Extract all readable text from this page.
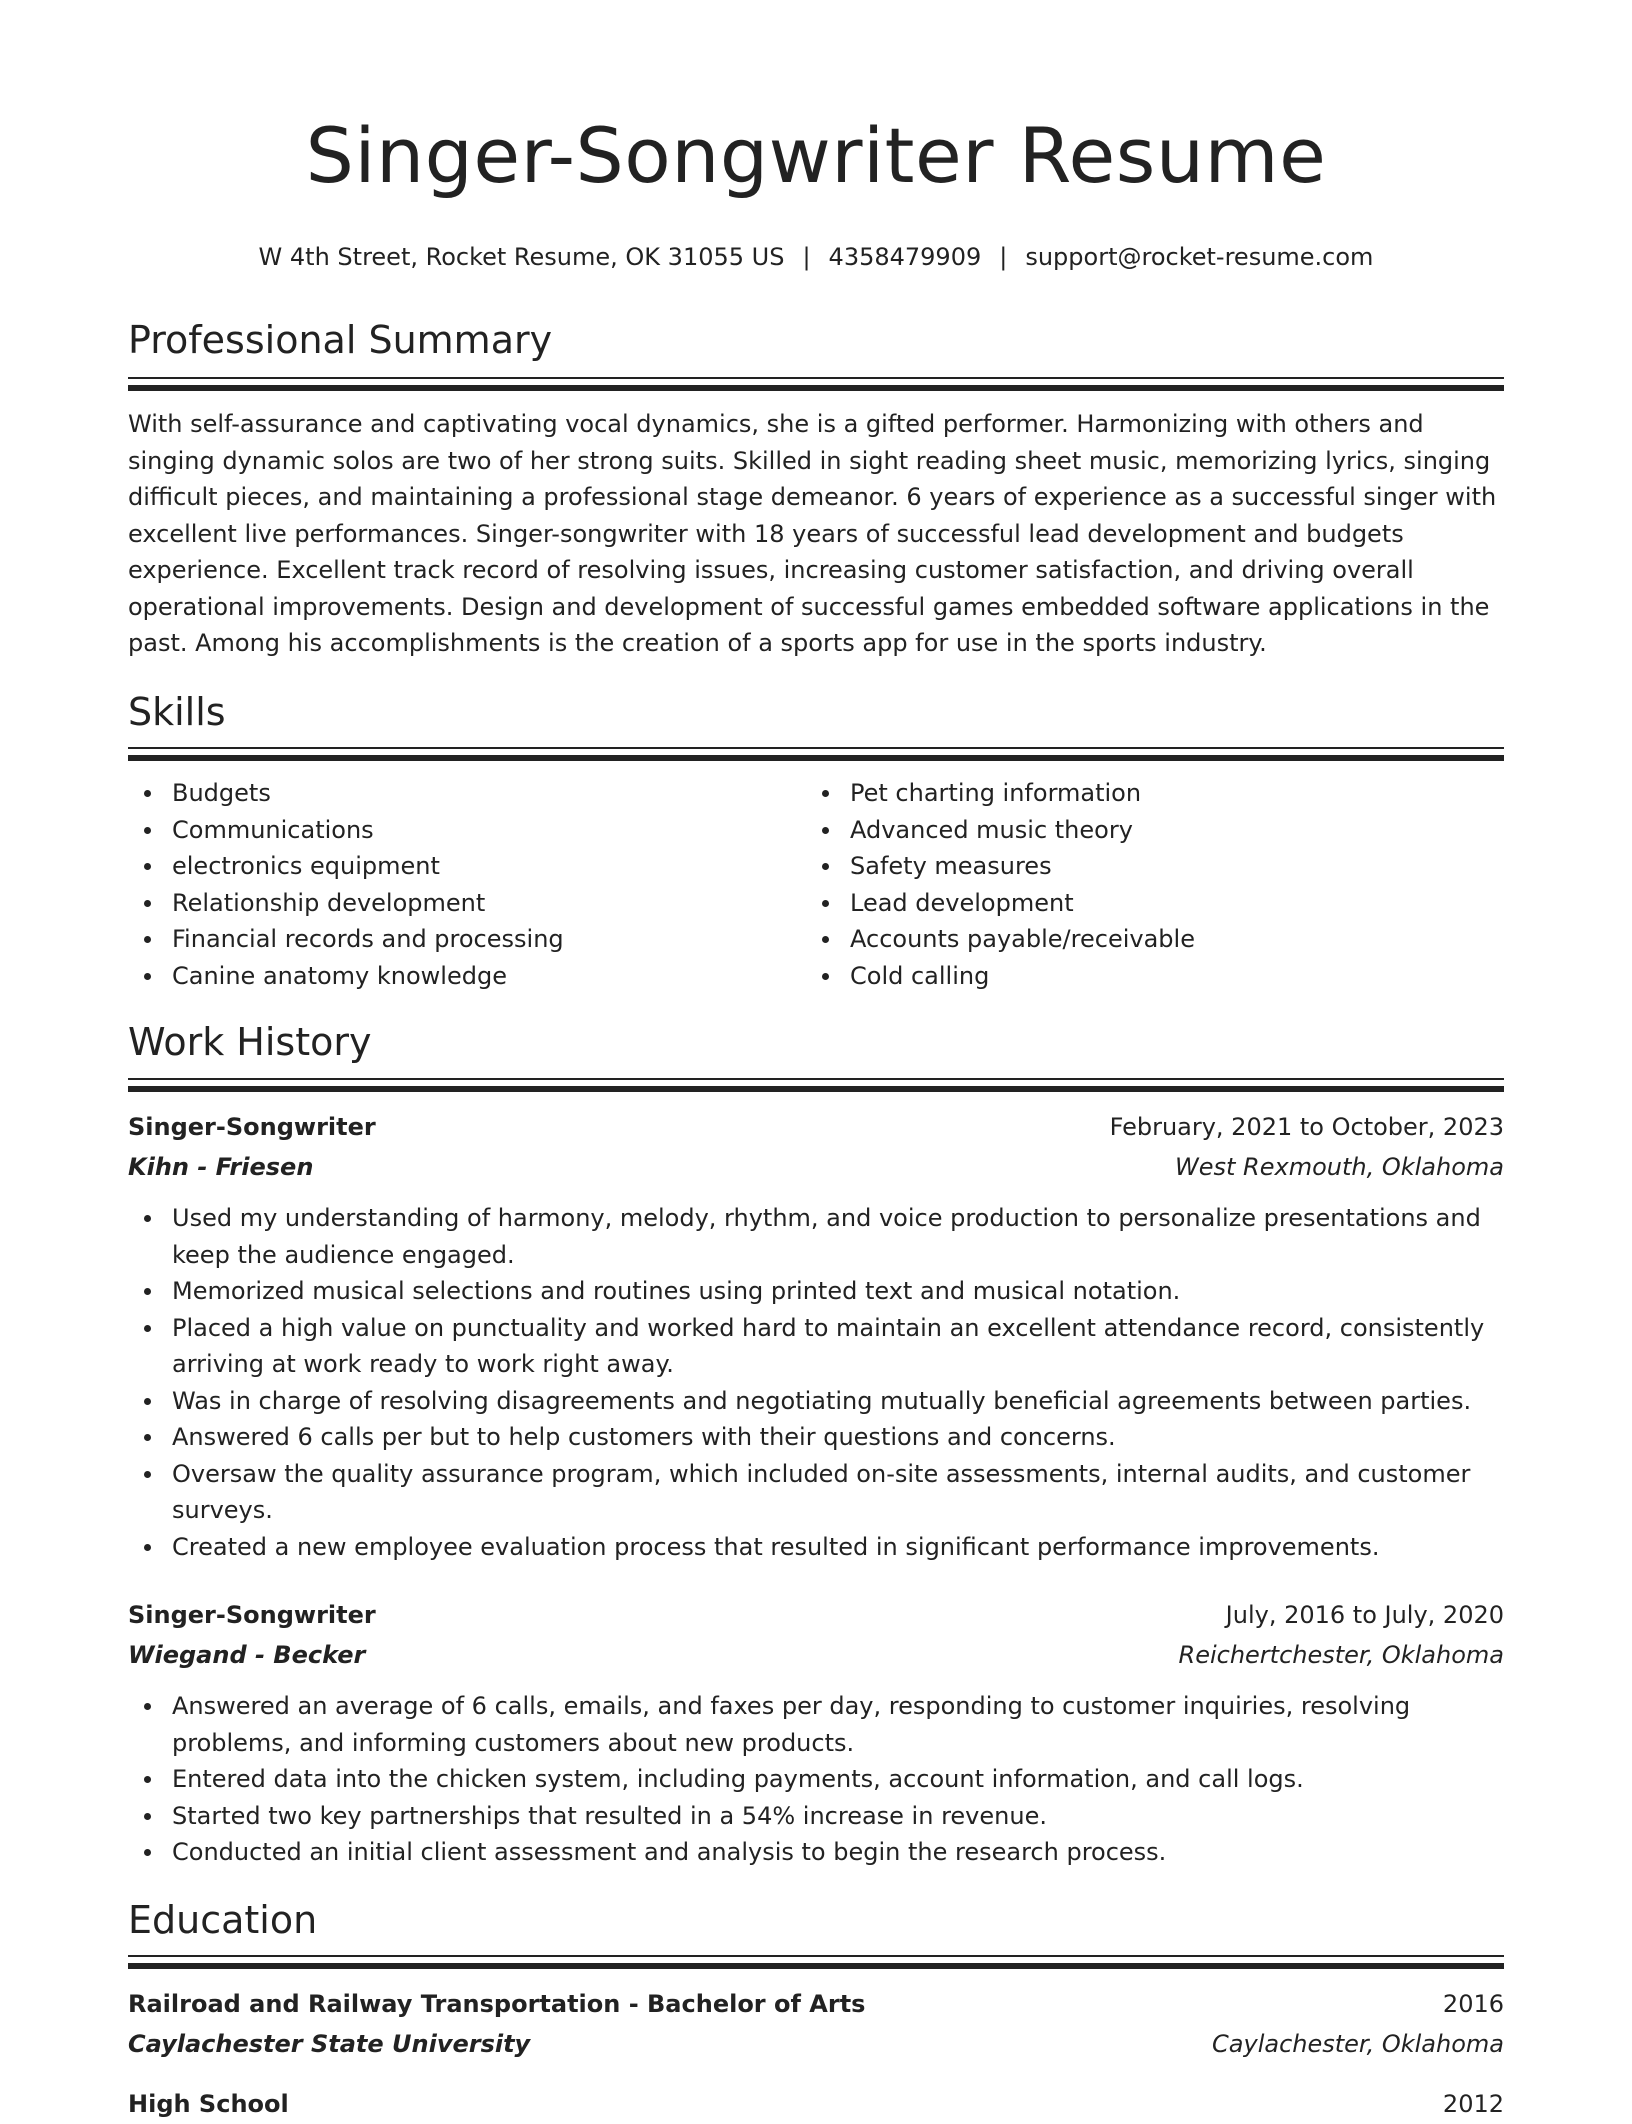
Singer-Songwriter Resume
W 4th Street, Rocket Resume, OK 31055 US | 4358479909 | support@rocket-resume.com
Professional Summary

With self-assurance and captivating vocal dynamics, she is a gifted performer. Harmonizing with others and singing dynamic solos are two of her strong suits. Skilled in sight reading sheet music, memorizing lyrics, singing difficult pieces, and maintaining a professional stage demeanor. 6 years of experience as a successful singer with excellent live performances. Singer-songwriter with 18 years of successful lead development and budgets experience. Excellent track record of resolving issues, increasing customer satisfaction, and driving overall operational improvements. Design and development of successful games embedded software applications in the past. Among his accomplishments is the creation of a sports app for use in the sports industry.

Skills
Budgets
Communications
electronics equipment
Relationship development
Financial records and processing
Canine anatomy knowledge
Pet charting information
Advanced music theory
Safety measures
Lead development
Accounts payable/receivable
Cold calling
Work History
Singer-Songwriter	February, 2021 to October, 2023
Kihn - Friesen	West Rexmouth, Oklahoma
Used my understanding of harmony, melody, rhythm, and voice production to personalize presentations and keep the audience engaged.
Memorized musical selections and routines using printed text and musical notation.
Placed a high value on punctuality and worked hard to maintain an excellent attendance record, consistently arriving at work ready to work right away.
Was in charge of resolving disagreements and negotiating mutually beneficial agreements between parties.
Answered 6 calls per but to help customers with their questions and concerns.
Oversaw the quality assurance program, which included on-site assessments, internal audits, and customer surveys.
Created a new employee evaluation process that resulted in significant performance improvements.
Singer-Songwriter	July, 2016 to July, 2020
Wiegand - Becker	Reichertchester, Oklahoma
Answered an average of 6 calls, emails, and faxes per day, responding to customer inquiries, resolving problems, and informing customers about new products.
Entered data into the chicken system, including payments, account information, and call logs.
Started two key partnerships that resulted in a 54% increase in revenue.
Conducted an initial client assessment and analysis to begin the research process.
Education
Railroad and Railway Transportation - Bachelor of Arts	2016
Caylachester State University	Caylachester, Oklahoma
High School	2012
